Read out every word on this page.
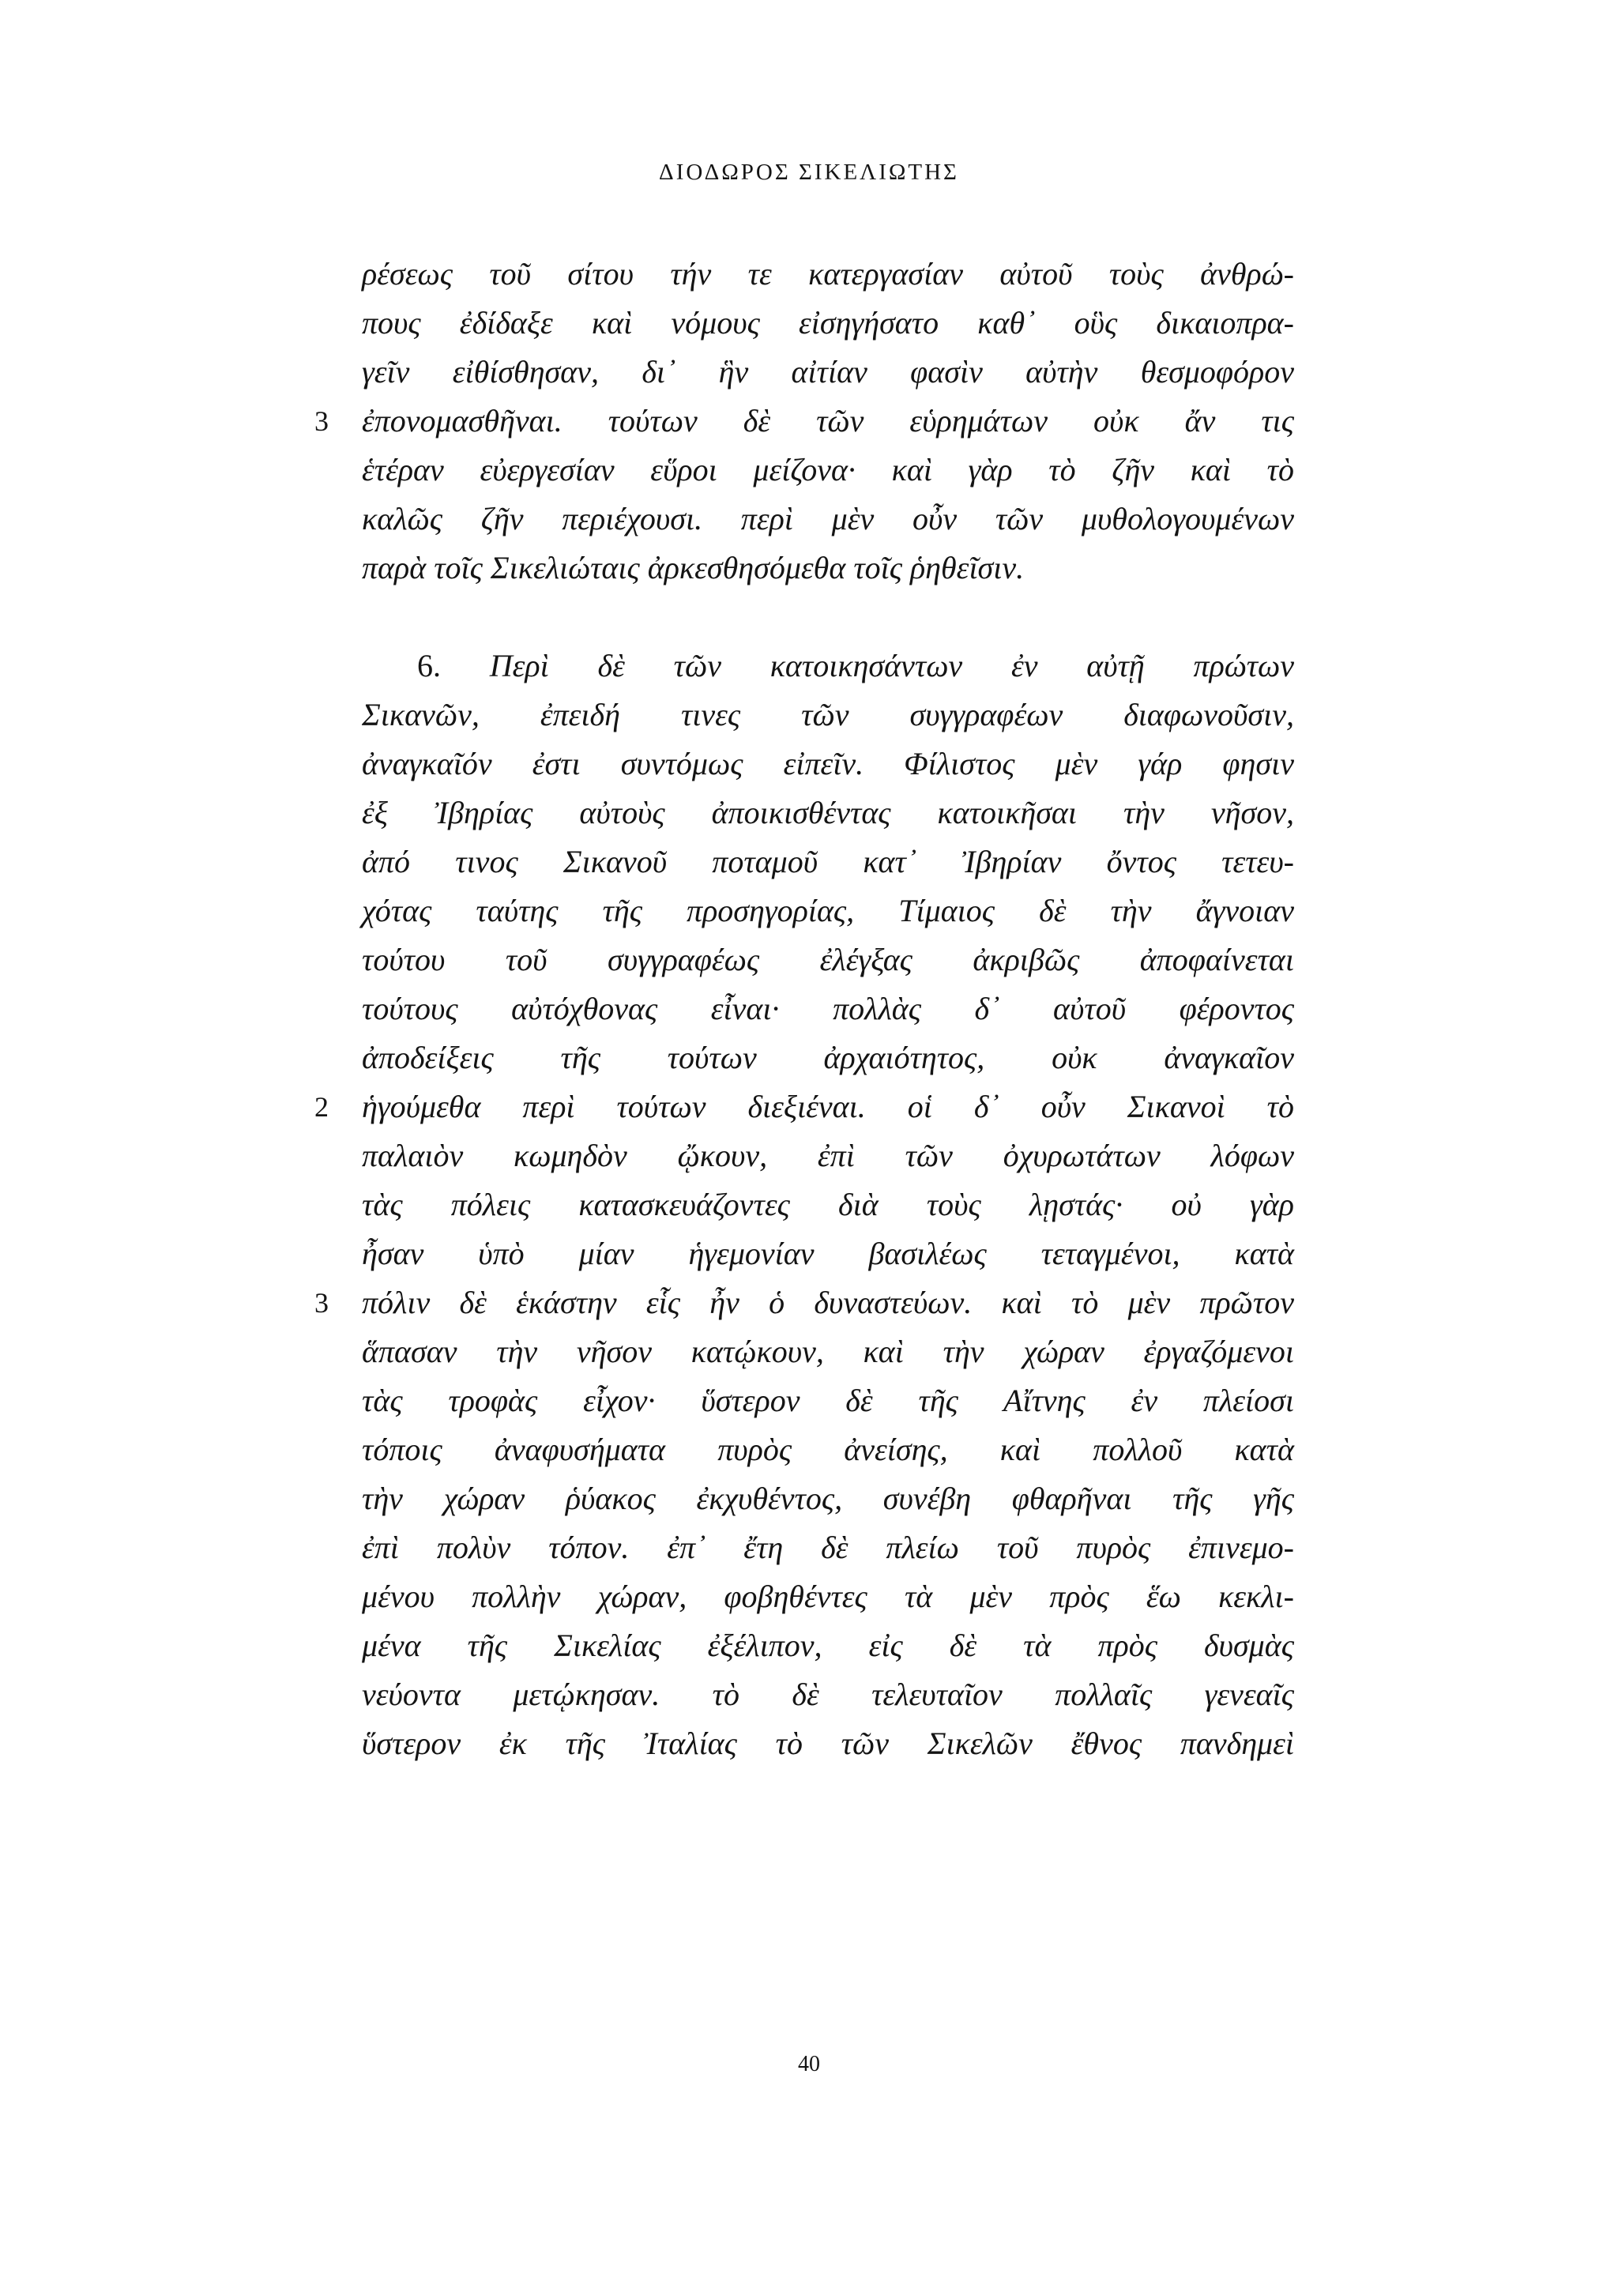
ΔΙΟΔΩΡΟΣ ΣΙΚΕΛΙΩΤΗΣ
ρέσεως τοῦ σίτου τήν τε κατεργασίαν αὐτοῦ τοὺς ἀνθρώ-
πους ἐδίδαξε καὶ νόμους εἰσηγήσατο καθ᾽ οὓς δικαιοπρα-
γεῖν εἰθίσθησαν, δι᾽ ἣν αἰτίαν φασὶν αὐτὴν θεσμοφόρον
3 ἐπονομασθῆναι. τούτων δὲ τῶν εὑρημάτων οὐκ ἄν τις
ἑτέραν εὐεργεσίαν εὕροι μείζονα· καὶ γὰρ τὸ ζῆν καὶ τὸ
καλῶς ζῆν περιέχουσι. περὶ μὲν οὖν τῶν μυθολογουμένων
παρὰ τοῖς Σικελιώταις ἀρκεσθησόμεθα τοῖς ῥηθεῖσιν.
6. Περὶ δὲ τῶν κατοικησάντων ἐν αὐτῇ πρώτων
Σικανῶν, ἐπειδή τινες τῶν συγγραφέων διαφωνοῦσιν,
ἀναγκαῖόν ἐστι συντόμως εἰπεῖν. Φίλιστος μὲν γάρ φησιν
ἐξ Ἰβηρίας αὐτοὺς ἀποικισθέντας κατοικῆσαι τὴν νῆσον,
ἀπό τινος Σικανοῦ ποταμοῦ κατ᾽ Ἰβηρίαν ὄντος τετευ-
χότας ταύτης τῆς προσηγορίας, Τίμαιος δὲ τὴν ἄγνοιαν
τούτου τοῦ συγγραφέως ἐλέγξας ἀκριβῶς ἀποφαίνεται
τούτους αὐτόχθονας εἶναι· πολλὰς δ᾽ αὐτοῦ φέροντος
ἀποδείξεις τῆς τούτων ἀρχαιότητος, οὐκ ἀναγκαῖον
2 ἡγούμεθα περὶ τούτων διεξιέναι. οἱ δ᾽ οὖν Σικανοὶ τὸ
παλαιὸν κωμηδὸν ᾤκουν, ἐπὶ τῶν ὀχυρωτάτων λόφων
τὰς πόλεις κατασκευάζοντες διὰ τοὺς λῃστάς· οὐ γὰρ
ἦσαν ὑπὸ μίαν ἡγεμονίαν βασιλέως τεταγμένοι, κατὰ
3 πόλιν δὲ ἑκάστην εἷς ἦν ὁ δυναστεύων. καὶ τὸ μὲν πρῶτον
ἅπασαν τὴν νῆσον κατῴκουν, καὶ τὴν χώραν ἐργαζόμενοι
τὰς τροφὰς εἶχον· ὕστερον δὲ τῆς Αἴτνης ἐν πλείοσι
τόποις ἀναφυσήματα πυρὸς ἀνείσης, καὶ πολλοῦ κατὰ
τὴν χώραν ῥύακος ἐκχυθέντος, συνέβη φθαρῆναι τῆς γῆς
ἐπὶ πολὺν τόπον. ἐπ᾽ ἔτη δὲ πλείω τοῦ πυρὸς ἐπινεμο-
μένου πολλὴν χώραν, φοβηθέντες τὰ μὲν πρὸς ἕω κεκλι-
μένα τῆς Σικελίας ἐξέλιπον, εἰς δὲ τὰ πρὸς δυσμὰς
νεύοντα μετῴκησαν. τὸ δὲ τελευταῖον πολλαῖς γενεαῖς
ὕστερον ἐκ τῆς Ἰταλίας τὸ τῶν Σικελῶν ἔθνος πανδημεὶ
40
